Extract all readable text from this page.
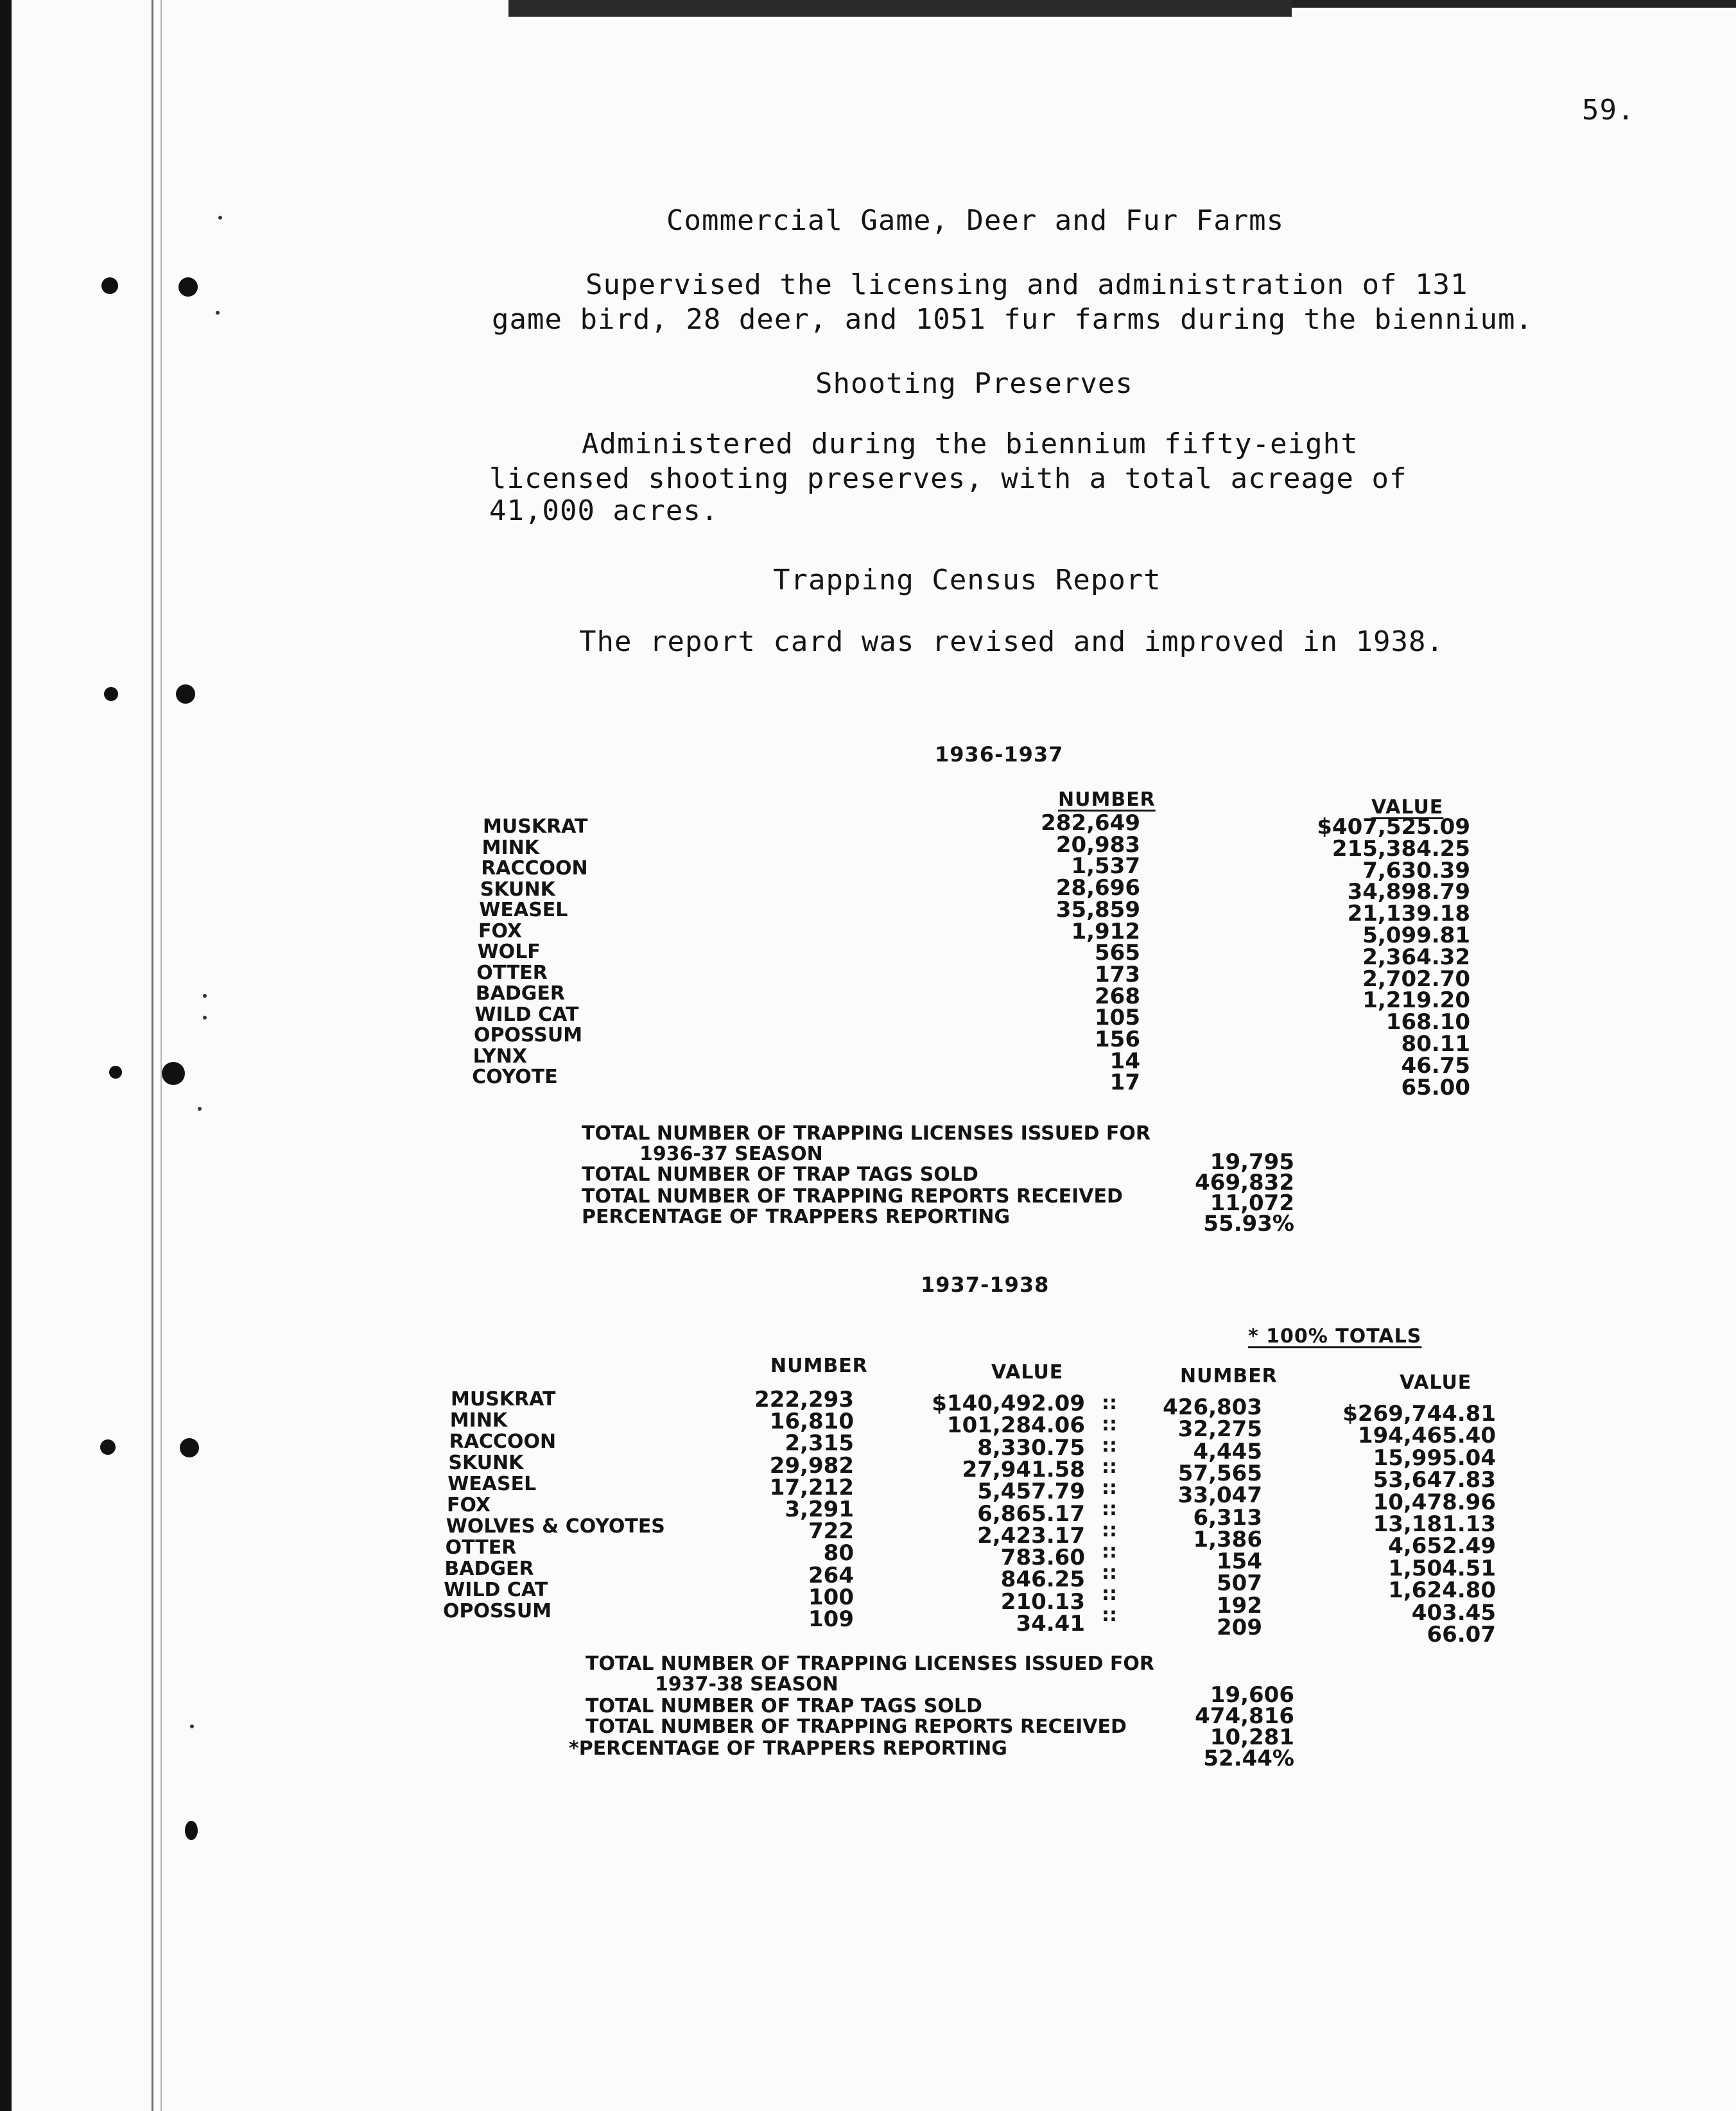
59.
Commercial Game, Deer and Fur Farms
Supervised the licensing and administration of 131
game bird, 28 deer, and 1051 fur farms during the biennium.
Shooting Preserves
Administered during the biennium fifty-eight
licensed shooting preserves, with a total acreage of
41,000 acres.
Trapping Census Report
The report card was revised and improved in 1938.
1936-1937
NUMBER	VALUE
MUSKRAT	282,649	$407,525.09
MINK	20,983	215,384.25
RACCOON	1,537	7,630.39
SKUNK	28,696	34,898.79
WEASEL	35,859	21,139.18
FOX	1,912	5,099.81
WOLF	565	2,364.32
OTTER	173	2,702.70
BADGER	268	1,219.20
WILD CAT	105	168.10
OPOSSUM	156	80.11
LYNX	14	46.75
COYOTE	17	65.00
TOTAL NUMBER OF TRAPPING LICENSES ISSUED FOR
1936-37 SEASON	19,795
TOTAL NUMBER OF TRAP TAGS SOLD	469,832
TOTAL NUMBER OF TRAPPING REPORTS RECEIVED	11,072
PERCENTAGE OF TRAPPERS REPORTING	55.93%
1937-1938
* 100% TOTALS
NUMBER	VALUE	NUMBER	VALUE
MUSKRAT	222,293	$140,492.09 ::	426,803	$269,744.81
MINK	16,810	101,284.06 ::	32,275	194,465.40
RACCOON	2,315	8,330.75 ::	4,445	15,995.04
SKUNK	29,982	27,941.58 ::	57,565	53,647.83
WEASEL	17,212	5,457.79 ::	33,047	10,478.96
FOX	3,291	6,865.17 ::	6,313	13,181.13
WOLVES & COYOTES	722	2,423.17 ::	1,386	4,652.49
OTTER	80	783.60 ::	154	1,504.51
BADGER	264	846.25 ::	507	1,624.80
WILD CAT	100	210.13 ::	192	403.45
OPOSSUM	109	34.41 ::	209	66.07
TOTAL NUMBER OF TRAPPING LICENSES ISSUED FOR
1937-38 SEASON	19,606
TOTAL NUMBER OF TRAP TAGS SOLD	474,816
TOTAL NUMBER OF TRAPPING REPORTS RECEIVED	10,281
*PERCENTAGE OF TRAPPERS REPORTING	52.44%
